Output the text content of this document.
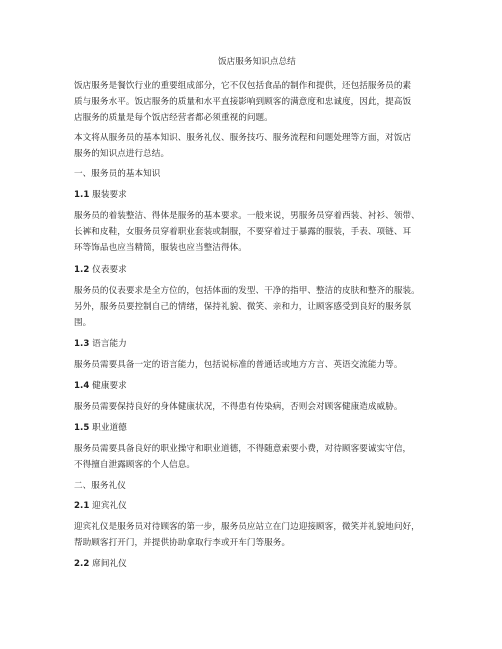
饭店服务知识点总结
饭店服务是餐饮行业的重要组成部分，它不仅包括食品的制作和提供，还包括服务员的素
质与服务水平。饭店服务的质量和水平直接影响到顾客的满意度和忠诚度，因此，提高饭
店服务的质量是每个饭店经营者都必须重视的问题。
本文将从服务员的基本知识、服务礼仪、服务技巧、服务流程和问题处理等方面，对饭店
服务的知识点进行总结。
一、服务员的基本知识
1.1 服装要求
服务员的着装整洁、得体是服务的基本要求。一般来说，男服务员穿着西装、衬衫、领带、
长裤和皮鞋，女服务员穿着职业套装或制服，不要穿着过于暴露的服装，手表、项链、耳
环等饰品也应当精简，服装也应当整洁得体。
1.2 仪表要求
服务员的仪表要求是全方位的，包括体面的发型、干净的指甲、整洁的皮肤和整齐的服装。
另外，服务员要控制自己的情绪，保持礼貌、微笑、亲和力，让顾客感受到良好的服务氛
围。
1.3 语言能力
服务员需要具备一定的语言能力，包括说标准的普通话或地方方言、英语交流能力等。
1.4 健康要求
服务员需要保持良好的身体健康状况，不得患有传染病，否则会对顾客健康造成威胁。
1.5 职业道德
服务员需要具备良好的职业操守和职业道德，不得随意索要小费，对待顾客要诚实守信，
不得擅自泄露顾客的个人信息。
二、服务礼仪
2.1 迎宾礼仪
迎宾礼仪是服务员对待顾客的第一步，服务员应站立在门边迎接顾客，微笑并礼貌地问好，
帮助顾客打开门，并提供协助拿取行李或开车门等服务。
2.2 席间礼仪
